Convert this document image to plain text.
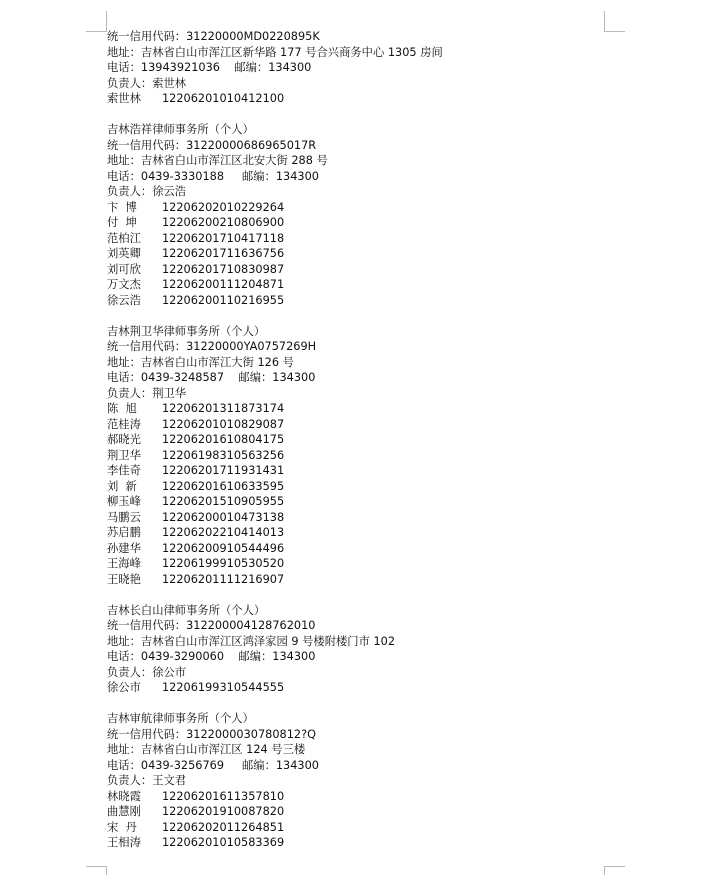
统一信用代码：31220000MD0220895K
地址：吉林省白山市浑江区新华路 177 号合兴商务中心 1305 房间
电话：13943921036    邮编：134300
负责人：索世林
索世林	12206201010412100
吉林浩祥律师事务所（个人）
统一信用代码：31220000686965017R
地址：吉林省白山市浑江区北安大街 288 号
电话：0439-3330188     邮编：134300
负责人：徐云浩
卞  博	12206202010229264
付  坤	12206200210806900
范柏江	12206201710417118
刘英卿	12206201711636756
刘可欣	12206201710830987
万文杰	12206200111204871
徐云浩	12206200110216955
吉林荆卫华律师事务所（个人）
统一信用代码：31220000YA0757269H
地址：吉林省白山市浑江大街 126 号
电话：0439-3248587    邮编：134300
负责人：荆卫华
陈  旭	12206201311873174
范桂涛	12206201010829087
郝晓光	12206201610804175
荆卫华	12206198310563256
李佳奇	12206201711931431
刘  新	12206201610633595
柳玉峰	12206201510905955
马鹏云	12206200010473138
苏启鹏	12206202210414013
孙建华	12206200910544496
王海峰	12206199910530520
王晓艳	12206201111216907
吉林长白山律师事务所（个人）
统一信用代码：312200004128762010
地址：吉林省白山市浑江区鸿泽家园 9 号楼附楼门市 102
电话：0439-3290060    邮编：134300
负责人：徐公市
徐公市	12206199310544555
吉林审航律师事务所（个人）
统一信用代码：3122000030780812?Q
地址：吉林省白山市浑江区 124 号三楼
电话：0439-3256769     邮编：134300
负责人：王文君
林晓霞	12206201611357810
曲慧刚	12206201910087820
宋  丹	12206202011264851
王相涛	12206201010583369
